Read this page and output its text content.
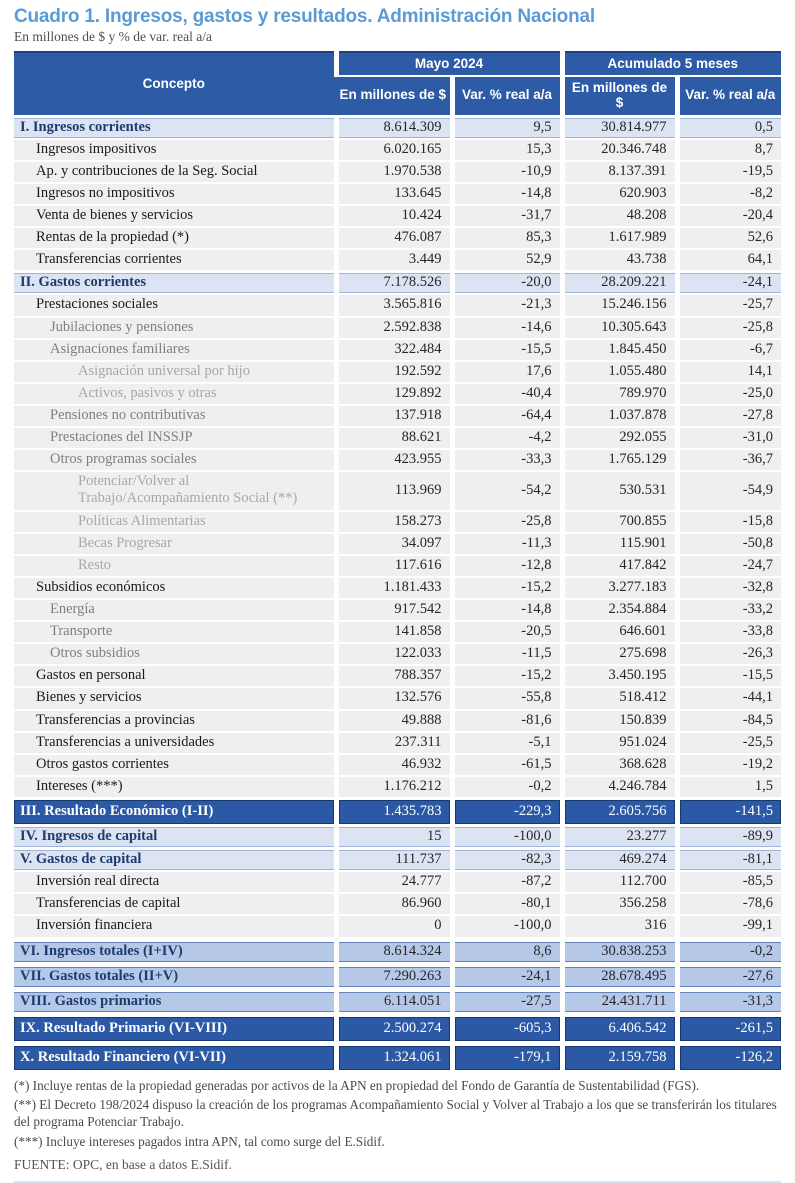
Cuadro 1. Ingresos, gastos y resultados. Administración Nacional
En millones de $ y % de var. real a/a
Concepto	Mayo 2024		Acumulado 5 meses	
	En millones de $	Var. % real a/a	En millones de $	Var. % real a/a
I. Ingresos corrientes	8.614.309	9,5	30.814.977	0,5
Ingresos impositivos	6.020.165	15,3	20.346.748	8,7
Ap. y contribuciones de la Seg. Social	1.970.538	-10,9	8.137.391	-19,5
Ingresos no impositivos	133.645	-14,8	620.903	-8,2
Venta de bienes y servicios	10.424	-31,7	48.208	-20,4
Rentas de la propiedad (*)	476.087	85,3	1.617.989	52,6
Transferencias corrientes	3.449	52,9	43.738	64,1
II. Gastos corrientes	7.178.526	-20,0	28.209.221	-24,1
Prestaciones sociales	3.565.816	-21,3	15.246.156	-25,7
Jubilaciones y pensiones	2.592.838	-14,6	10.305.643	-25,8
Asignaciones familiares	322.484	-15,5	1.845.450	-6,7
Asignación universal por hijo	192.592	17,6	1.055.480	14,1
Activos, pasivos y otras	129.892	-40,4	789.970	-25,0
Pensiones no contributivas	137.918	-64,4	1.037.878	-27,8
Prestaciones del INSSJP	88.621	-4,2	292.055	-31,0
Otros programas sociales	423.955	-33,3	1.765.129	-36,7
Potenciar/Volver al Trabajo/Acompañamiento Social (**)	113.969	-54,2	530.531	-54,9
Políticas Alimentarias	158.273	-25,8	700.855	-15,8
Becas Progresar	34.097	-11,3	115.901	-50,8
Resto	117.616	-12,8	417.842	-24,7
Subsidios económicos	1.181.433	-15,2	3.277.183	-32,8
Energía	917.542	-14,8	2.354.884	-33,2
Transporte	141.858	-20,5	646.601	-33,8
Otros subsidios	122.033	-11,5	275.698	-26,3
Gastos en personal	788.357	-15,2	3.450.195	-15,5
Bienes y servicios	132.576	-55,8	518.412	-44,1
Transferencias a provincias	49.888	-81,6	150.839	-84,5
Transferencias a universidades	237.311	-5,1	951.024	-25,5
Otros gastos corrientes	46.932	-61,5	368.628	-19,2
Intereses (***)	1.176.212	-0,2	4.246.784	1,5
III. Resultado Económico (I-II)	1.435.783	-229,3	2.605.756	-141,5
IV. Ingresos de capital	15	-100,0	23.277	-89,9
V. Gastos de capital	111.737	-82,3	469.274	-81,1
Inversión real directa	24.777	-87,2	112.700	-85,5
Transferencias de capital	86.960	-80,1	356.258	-78,6
Inversión financiera	0	-100,0	316	-99,1
VI. Ingresos totales (I+IV)	8.614.324	8,6	30.838.253	-0,2
VII. Gastos totales (II+V)	7.290.263	-24,1	28.678.495	-27,6
VIII. Gastos primarios	6.114.051	-27,5	24.431.711	-31,3
IX. Resultado Primario (VI-VIII)	2.500.274	-605,3	6.406.542	-261,5
X. Resultado Financiero (VI-VII)	1.324.061	-179,1	2.159.758	-126,2

(*) Incluye rentas de la propiedad generadas por activos de la APN en propiedad del Fondo de Garantía de Sustentabilidad (FGS).

(**) El Decreto 198/2024 dispuso la creación de los programas Acompañamiento Social y Volver al Trabajo a los que se transferirán los titulares del programa Potenciar Trabajo.

(***) Incluye intereses pagados intra APN, tal como surge del E.Sidif.

FUENTE: OPC, en base a datos E.Sidif.
